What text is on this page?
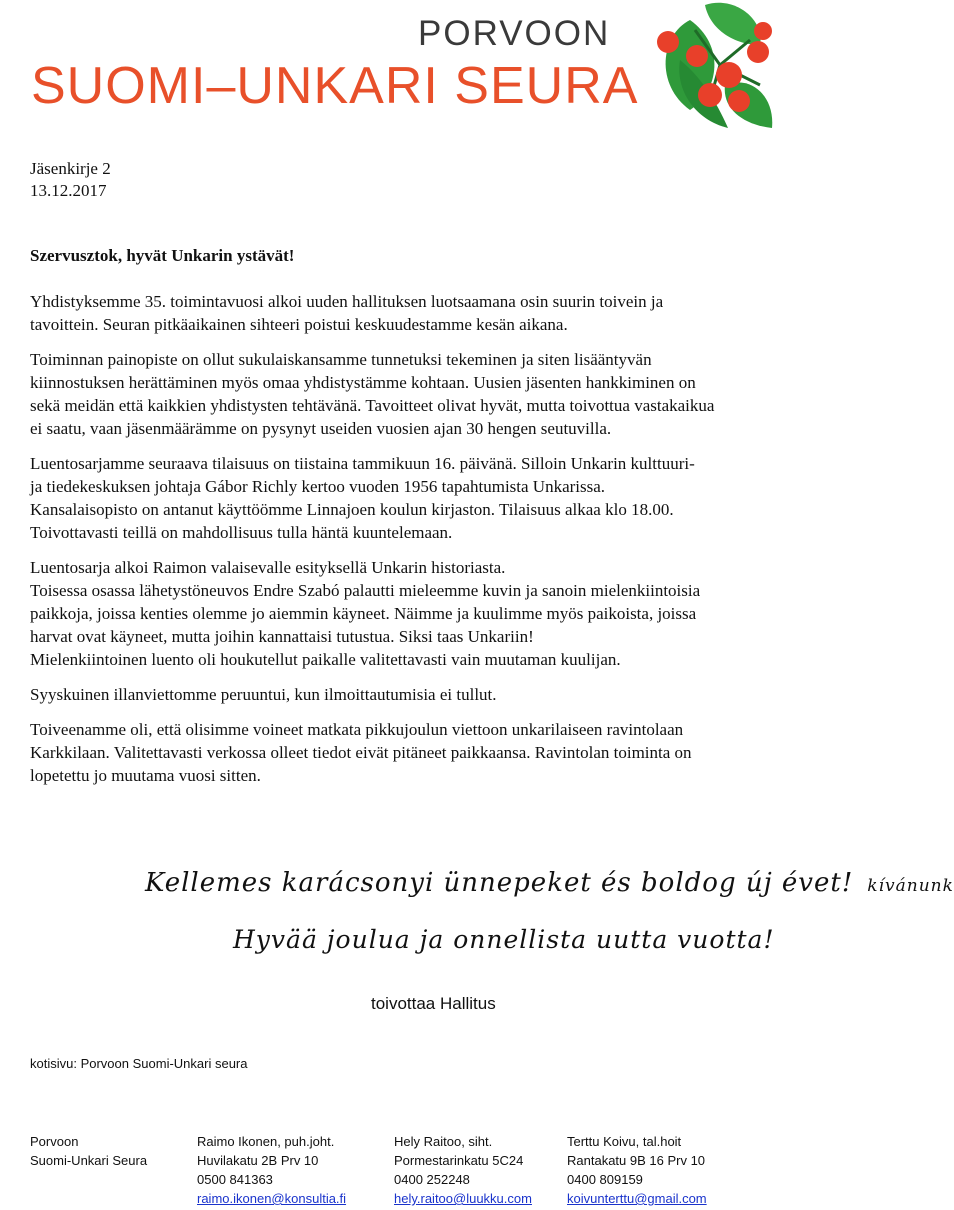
PORVOON
SUOMI–UNKARI SEURA
Jäsenkirje 2
13.12.2017
Szervusztok, hyvät Unkarin ystävät!

Yhdistyksemme 35. toimintavuosi alkoi uuden hallituksen luotsaamana osin suurin toivein ja
tavoittein. Seuran pitkäaikainen sihteeri poistui keskuudestamme kesän aikana.

Toiminnan painopiste on ollut sukulaiskansamme tunnetuksi tekeminen ja siten lisääntyvän
kiinnostuksen herättäminen myös omaa yhdistystämme kohtaan. Uusien jäsenten hankkiminen on
sekä meidän että kaikkien yhdistysten tehtävänä. Tavoitteet olivat hyvät, mutta toivottua vastakaikua
ei saatu, vaan jäsenmäärämme on pysynyt useiden vuosien ajan 30 hengen seutuvilla.

Luentosarjamme seuraava tilaisuus on tiistaina tammikuun 16. päivänä. Silloin Unkarin kulttuuri-
ja tiedekeskuksen johtaja Gábor Richly kertoo vuoden 1956 tapahtumista Unkarissa.
Kansalaisopisto on antanut käyttöömme Linnajoen koulun kirjaston. Tilaisuus alkaa klo 18.00.
Toivottavasti teillä on mahdollisuus tulla häntä kuuntelemaan.

Luentosarja alkoi Raimon valaisevalle esityksellä Unkarin historiasta.
Toisessa osassa lähetystöneuvos Endre Szabó palautti mieleemme kuvin ja sanoin mielenkiintoisia
paikkoja, joissa kenties olemme jo aiemmin käyneet. Näimme ja kuulimme myös paikoista, joissa
harvat ovat käyneet, mutta joihin kannattaisi tutustua. Siksi taas Unkariin!
Mielenkiintoinen luento oli houkutellut paikalle valitettavasti vain muutaman kuulijan.

Syyskuinen illanviettomme peruuntui, kun ilmoittautumisia ei tullut.

Toiveenamme oli, että olisimme voineet matkata pikkujoulun viettoon unkarilaiseen ravintolaan
Karkkilaan. Valitettavasti verkossa olleet tiedot eivät pitäneet paikkaansa. Ravintolan toiminta on
lopetettu jo muutama vuosi sitten.

Kellemes karácsonyi ünnepeket és boldog új évet! kívánunk
Hyvää joulua ja onnellista uutta vuotta!
toivottaa Hallitus
kotisivu: Porvoon Suomi-Unkari seura
Porvoon
Suomi-Unkari Seura
Raimo Ikonen, puh.joht.
Huvilakatu 2B Prv 10
0500 841363
raimo.ikonen@konsultia.fi
Hely Raitoo, siht.
Pormestarinkatu 5C24
0400 252248
hely.raitoo@luukku.com
Terttu Koivu, tal.hoit
Rantakatu 9B 16 Prv 10
0400 809159
koivunterttu@gmail.com
